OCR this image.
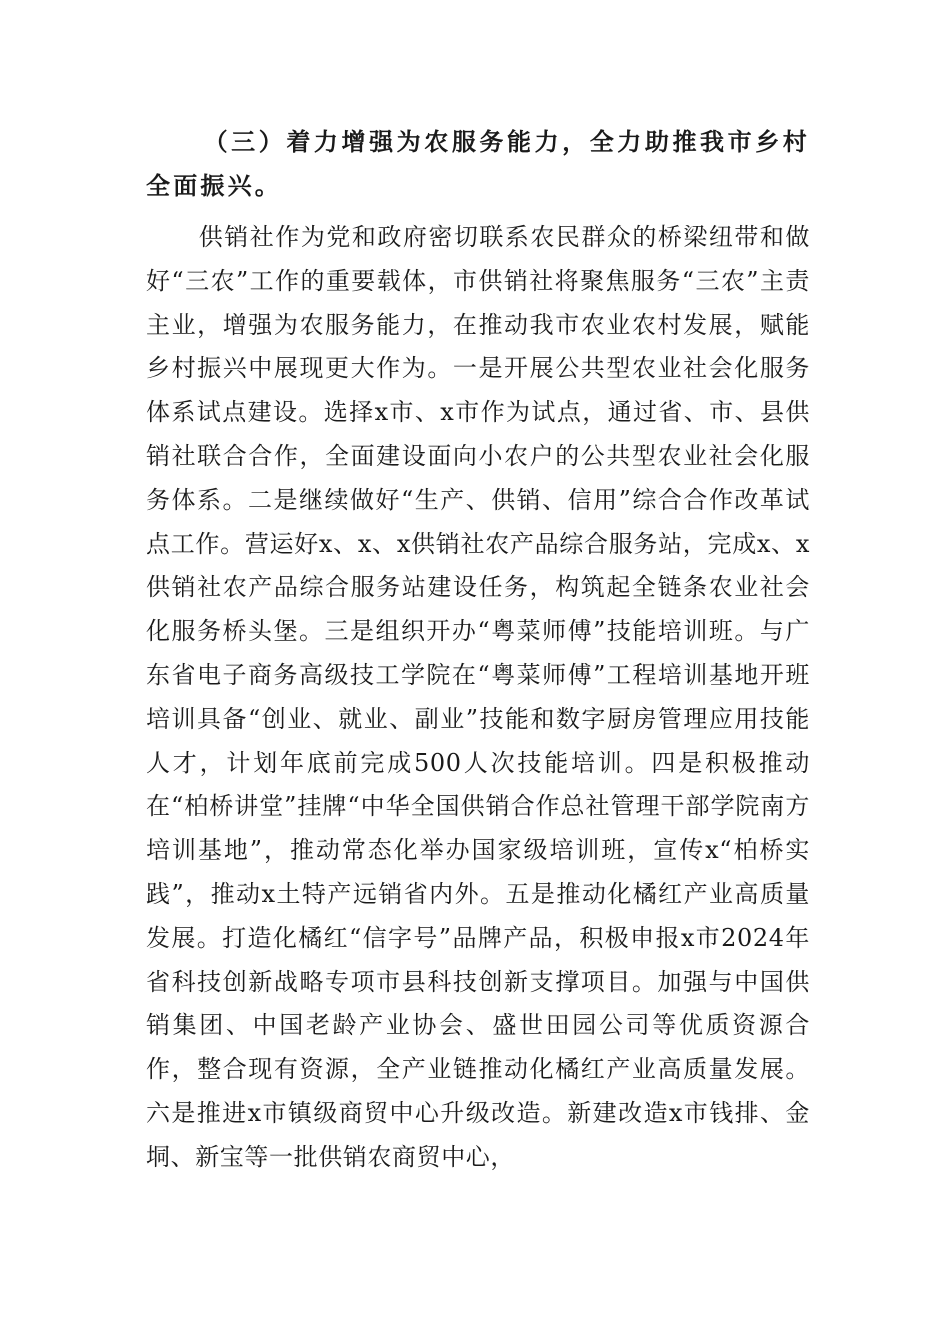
（三）着力增强为农服务能力，全力助推我市乡村全面振兴。

供销社作为党和政府密切联系农民群众的桥梁纽带和做好“三农”工作的重要载体，市供销社将聚焦服务“三农”主责主业，增强为农服务能力，在推动我市农业农村发展，赋能乡村振兴中展现更大作为。一是开展公共型农业社会化服务体系试点建设。选择x市、x市作为试点，通过省、市、县供销社联合合作，全面建设面向小农户的公共型农业社会化服务体系。二是继续做好“生产、供销、信用”综合合作改革试点工作。营运好x、x、x供销社农产品综合服务站，完成x、x供销社农产品综合服务站建设任务，构筑起全链条农业社会化服务桥头堡。三是组织开办“粤菜师傅”技能培训班。与广东省电子商务高级技工学院在“粤菜师傅”工程培训基地开班培训具备“创业、就业、副业”技能和数字厨房管理应用技能人才，计划年底前完成500人次技能培训。四是积极推动在“柏桥讲堂”挂牌“中华全国供销合作总社管理干部学院南方培训基地”，推动常态化举办国家级培训班，宣传x“柏桥实践”，推动x土特产远销省内外。五是推动化橘红产业高质量发展。打造化橘红“信字号”品牌产品，积极申报x市2024年省科技创新战略专项市县科技创新支撑项目。加强与中国供销集团、中国老龄产业协会、盛世田园公司等优质资源合作，整合现有资源，全产业链推动化橘红产业高质量发展。六是推进x市镇级商贸中心升级改造。新建改造x市钱排、金垌、新宝等一批供销农商贸中心，
